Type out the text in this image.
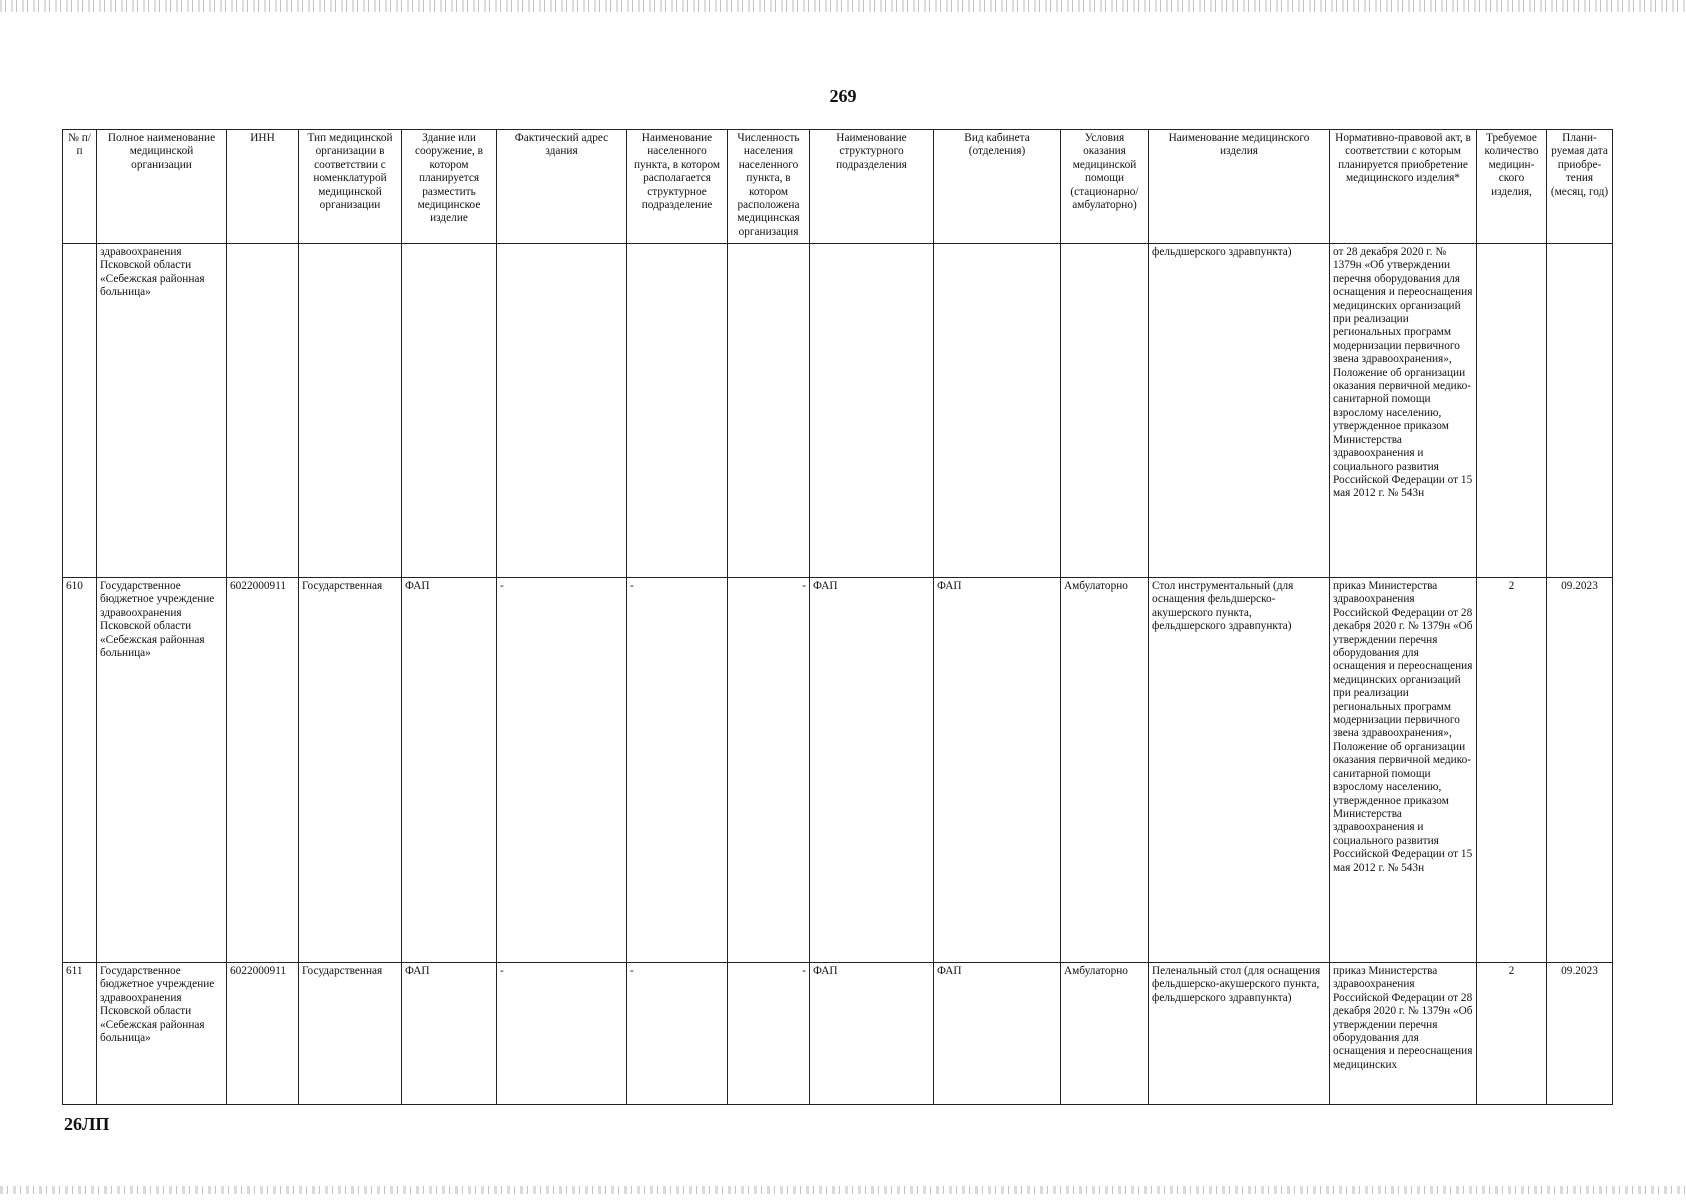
269
№ п/п	Полное наименование медицинской организации	ИНН	Тип медицинской организации в соответствии с номенклатурой медицинской организации	Здание или сооружение, в котором планируется разместить медицинское изделие	Фактический адрес здания	Наименование населенного пункта, в котором располагается структурное подразделение	Численность населения населенного пункта, в котором расположена медицинская организация	Наименование структурного подразделения	Вид кабинета (отделения)	Условия оказания медицинской помощи (стационарно/ амбулаторно)	Наименование медицинского изделия	Нормативно-правовой акт, в соответствии с которым планируется приобретение медицинского изделия*	Требуемое количество медицин-ского изделия,	Плани-руемая дата приобре-тения (месяц, год)
	здравоохранения Псковской области «Себежская районная больница»										фельдшерского здравпункта)	от 28 декабря 2020 г. № 1379н «Об утверждении перечня оборудования для оснащения и переоснащения медицинских организаций при реализации региональных программ модернизации первичного звена здравоохранения», Положение об организации оказания первичной медико-санитарной помощи взрослому населению, утвержденное приказом Министерства здравоохранения и социального развития Российской Федерации от 15 мая 2012 г. № 543н		
610	Государственное бюджетное учреждение здравоохранения Псковской области «Себежская районная больница»	6022000911	Государственная	ФАП	-	-	-	ФАП	ФАП	Амбулаторно	Стол инструментальный (для оснащения фельдшерско-акушерского пункта, фельдшерского здравпункта)	приказ Министерства здравоохранения Российской Федерации от 28 декабря 2020 г. № 1379н «Об утверждении перечня оборудования для оснащения и переоснащения медицинских организаций при реализации региональных программ модернизации первичного звена здравоохранения», Положение об организации оказания первичной медико-санитарной помощи взрослому населению, утвержденное приказом Министерства здравоохранения и социального развития Российской Федерации от 15 мая 2012 г. № 543н	2	09.2023
611	Государственное бюджетное учреждение здравоохранения Псковской области «Себежская районная больница»	6022000911	Государственная	ФАП	-	-	-	ФАП	ФАП	Амбулаторно	Пеленальный стол (для оснащения фельдшерско-акушерского пункта, фельдшерского здравпункта)	приказ Министерства здравоохранения Российской Федерации от 28 декабря 2020 г. № 1379н «Об утверждении перечня оборудования для оснащения и переоснащения медицинских	2	09.2023
26ЛП
